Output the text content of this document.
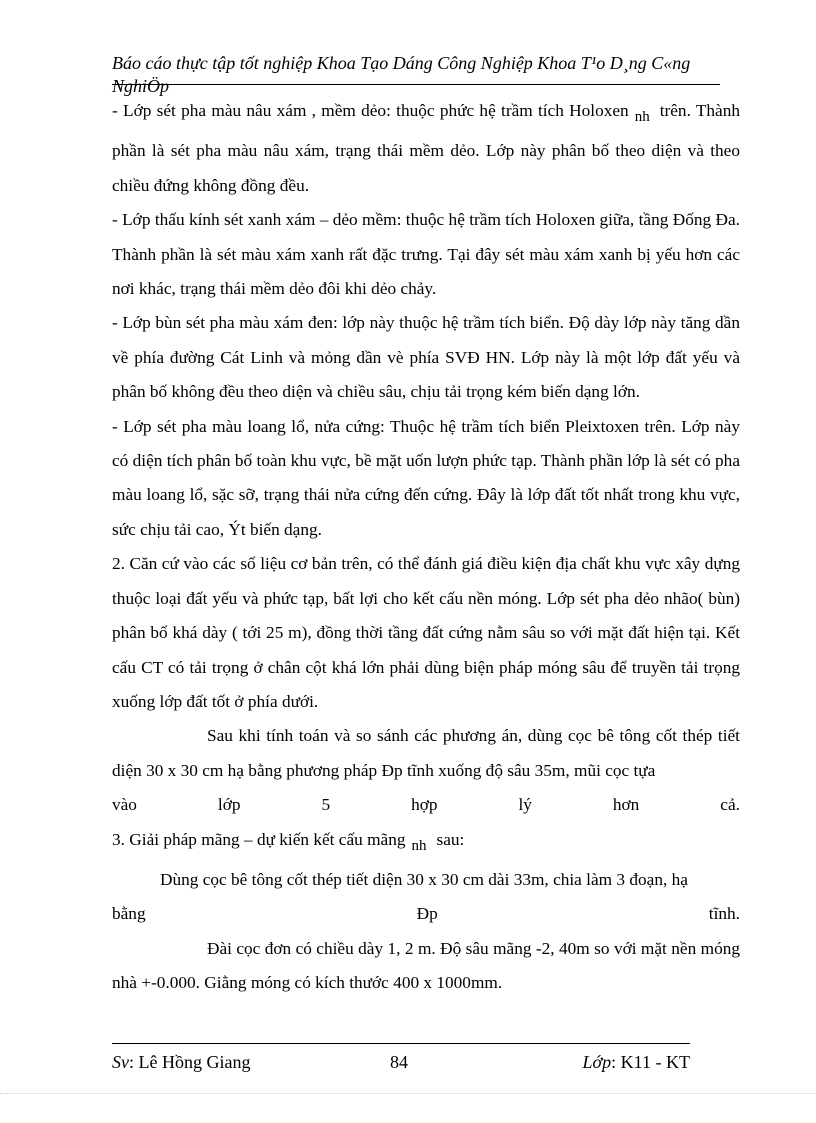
Báo cáo thực tập tốt nghiệp Khoa Tạo Dáng Công Nghiệp Khoa T¹o D¸ng C«ng
NghiÖp

- Lớp sét pha màu nâu xám , mềm dẻo: thuộc phức hệ trầm tích Holoxen nh trên. Thành phần là sét pha màu nâu xám, trạng thái mềm dẻo. Lớp này phân bố theo diện và theo chiều đứng không đồng đều.

- Lớp thấu kính sét xanh xám – dẻo mềm: thuộc hệ trầm tích Holoxen giữa, tầng Đống Đa. Thành phần là sét màu xám xanh rất đặc trưng. Tại đây sét màu xám xanh bị yếu hơn các nơi khác, trạng thái mềm dẻo đôi khi dẻo chảy.

- Lớp bùn sét pha màu xám đen: lớp này thuộc hệ trầm tích biển. Độ dày lớp này tăng dần về phía đường Cát Linh và mỏng dần vè phía SVĐ HN. Lớp này là một lớp đất yếu và phân bố không đều theo diện và chiều sâu, chịu tải trọng kém biến dạng lớn.

- Lớp sét pha màu loang lổ, nửa cứng: Thuộc hệ trầm tích biển Pleixtoxen trên. Lớp này có diện tích phân bố toàn khu vực, bề mặt uốn lượn phức tạp. Thành phần lớp là sét có pha màu loang lổ, sặc sỡ, trạng thái nửa cứng đến cứng. Đây là lớp đất tốt nhất trong khu vực, sức chịu tải cao, Ýt biến dạng.

2. Căn cứ vào các số liệu cơ bản trên, có thể đánh giá điều kiện địa chất khu vực xây dựng thuộc loại đất yếu và phức tạp, bất lợi cho kết cấu nền móng. Lớp sét pha dẻo nhão( bùn) phân bố khá dày ( tới 25 m), đồng thời tầng đất cứng nằm sâu so với mặt đất hiện tại. Kết cấu CT có tải trọng ở chân cột khá lớn phải dùng biện pháp móng sâu để truyền tải trọng xuống lớp đất tốt ở phía dưới.

Sau khi tính toán và so sánh các phương án, dùng cọc bê tông cốt thép tiết diện 30 x 30 cm hạ bằng phương pháp Đp tĩnh xuống độ sâu 35m, mũi cọc tựa

vào	lớp	5	hợp	lý	hơn	cả.

3. Giải pháp mãng – dự kiến kết cấu mãng nh sau:

Dùng cọc bê tông cốt thép tiết diện 30 x 30 cm dài 33m, chia làm 3 đoạn, hạ

bằng	Đp	tĩnh.

Đài cọc đơn có chiều dày 1, 2 m. Độ sâu mãng -2, 40m so với mặt nền móng nhà +-0.000. Giằng móng có kích thước 400 x 1000mm.

Sv: Lê Hồng Giang	84	Lớp: K11 - KT
